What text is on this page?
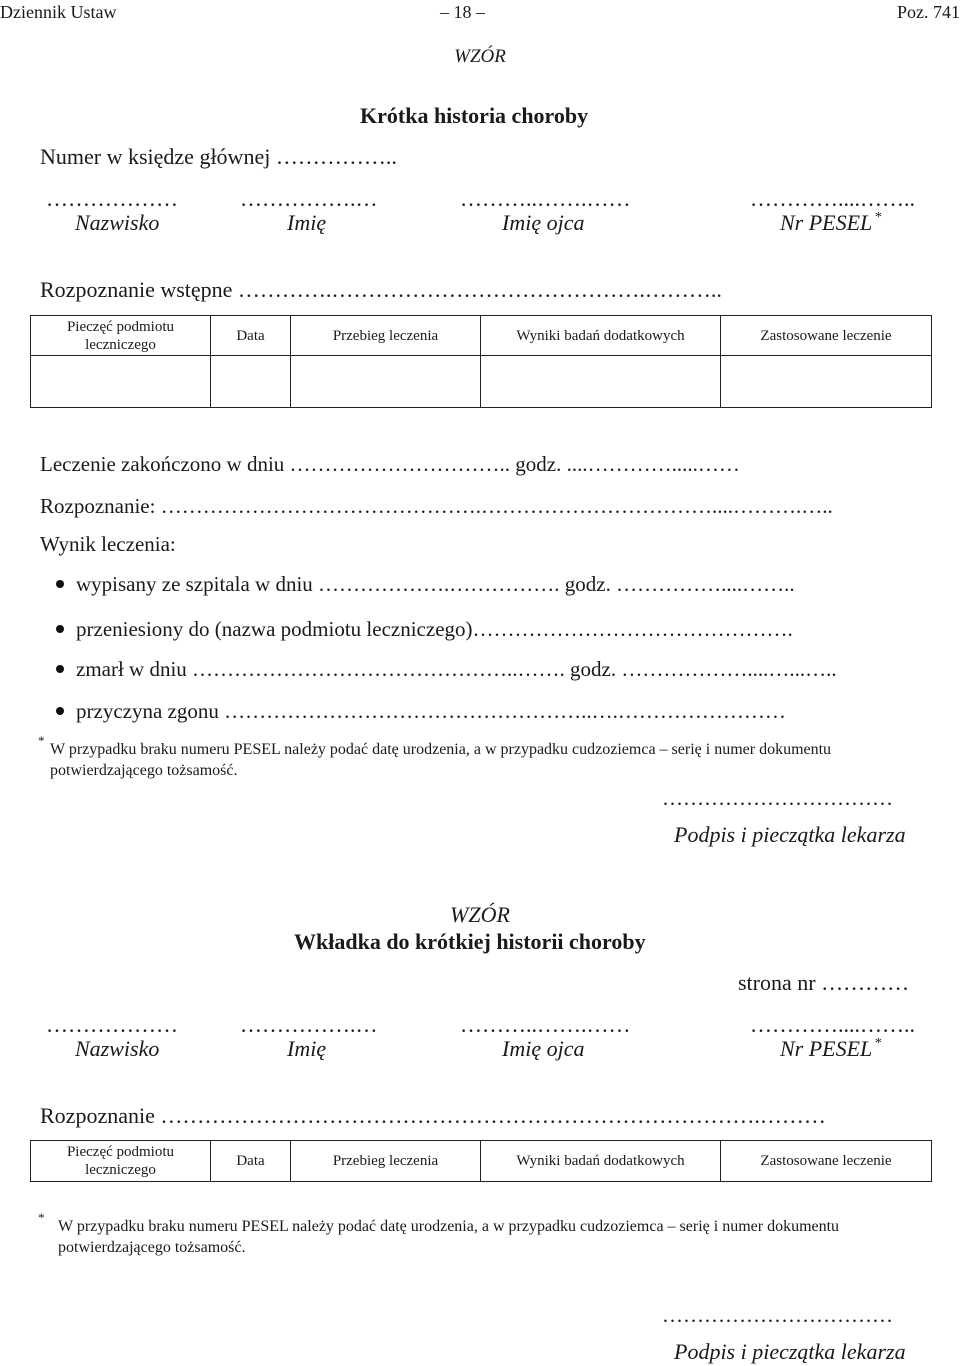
Dziennik Ustaw	– 18 –	Poz. 741
WZÓR
Krótka historia choroby
Numer w księdze głównej ……………..
………………	…………….…	………..…….……	…………....……..
Nazwisko	Imię	Imię ojca	Nr PESEL *
Rozpoznanie wstępne ………….…………………………………….………..
Pieczęć podmiotu leczniczego	Data	Przebieg leczenia	Wyniki badań dodatkowych	Zastosowane leczenie

Leczenie zakończono w dniu ………………………….. godz. ....………….....……
Rozpoznanie: ……………………………………….……………………………....……….…..
Wynik leczenia:
wypisany ze szpitala w dniu ……………….……………. godz. ……………....……..
przeniesiony do (nazwa podmiotu leczniczego)……………………………………….
zmarł w dniu ………………………………………..……. godz. ………………....…...…..
przyczyna zgonu ……………………………………………..….……………………
*
W przypadku braku numeru PESEL należy podać datę urodzenia, a w przypadku cudzoziemca – serię i numer dokumentu potwierdzającego tożsamość.
……………………………
Podpis i pieczątka lekarza
WZÓR
Wkładka do krótkiej historii choroby
strona nr …………
………………	…………….…	………..…….……	…………....……..
Nazwisko	Imię	Imię ojca	Nr PESEL *
Rozpoznanie ……………………………………………………………………….………
Pieczęć podmiotu leczniczego	Data	Przebieg leczenia	Wyniki badań dodatkowych	Zastosowane leczenie
*
W przypadku braku numeru PESEL należy podać datę urodzenia, a w przypadku cudzoziemca – serię i numer dokumentu potwierdzającego tożsamość.
……………………………
Podpis i pieczątka lekarza
